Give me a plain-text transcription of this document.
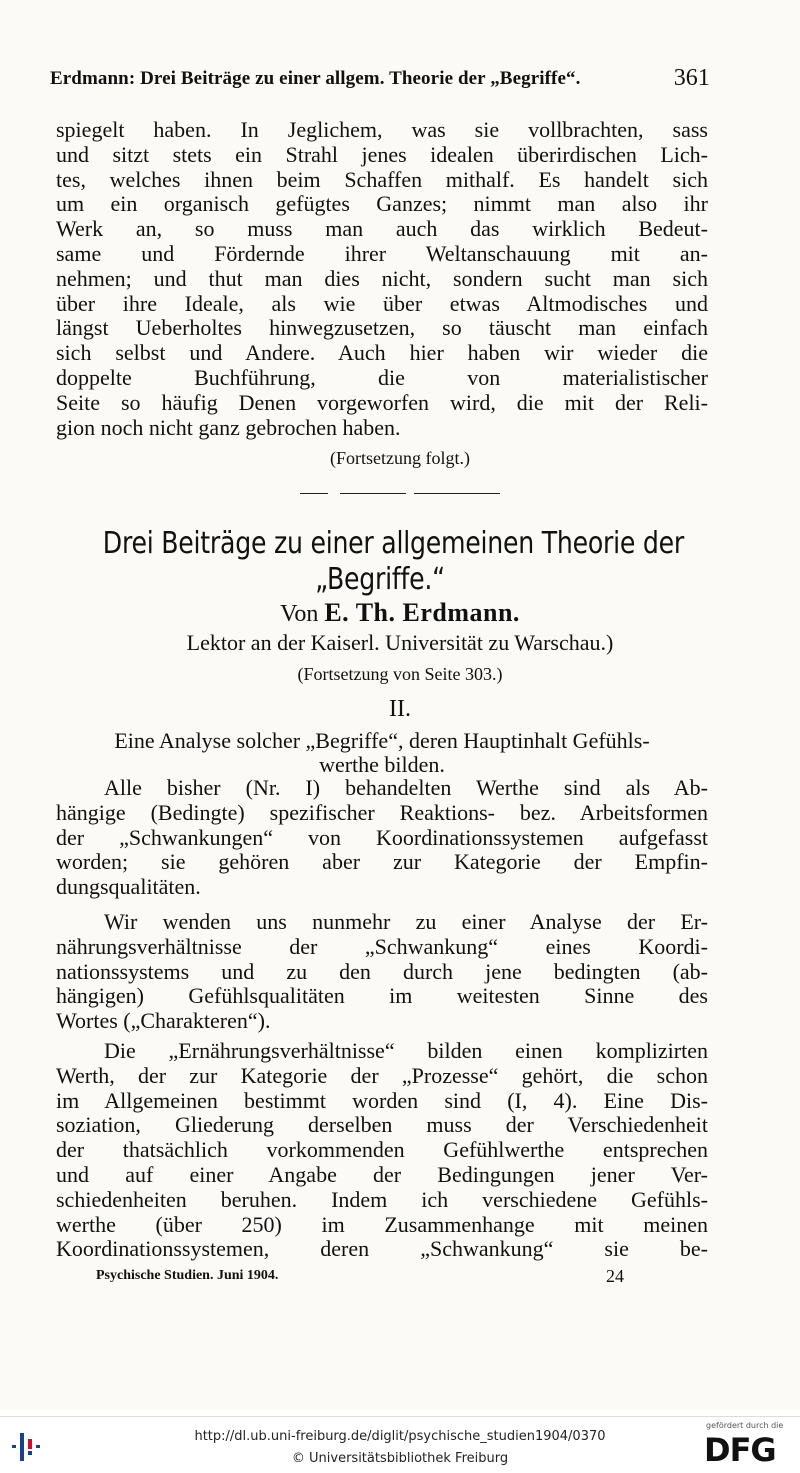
Erdmann: Drei Beiträge zu einer allgem. Theorie der „Begriffe“.	361
spiegelt haben. In Jeglichem, was sie vollbrachten, sass
und sitzt stets ein Strahl jenes idealen überirdischen Lich-
tes, welches ihnen beim Schaffen mithalf. Es handelt sich
um ein organisch gefügtes Ganzes; nimmt man also ihr
Werk an, so muss man auch das wirklich Bedeut-
same und Fördernde ihrer Weltanschauung mit an-
nehmen; und thut man dies nicht, sondern sucht man sich
über ihre Ideale, als wie über etwas Altmodisches und
längst Ueberholtes hinwegzusetzen, so täuscht man einfach
sich selbst und Andere. Auch hier haben wir wieder die
doppelte Buchführung, die von materialistischer
Seite so häufig Denen vorgeworfen wird, die mit der Reli-
gion noch nicht ganz gebrochen haben.
(Fortsetzung folgt.)
Drei Beiträge zu einer allgemeinen Theorie der
„Begriffe.“
Von E. Th. Erdmann.
Lektor an der Kaiserl. Universität zu Warschau.)
(Fortsetzung von Seite 303.)
II.
Eine Analyse solcher „Begriffe“, deren Hauptinhalt Gefühls-
werthe bilden.
Alle bisher (Nr. I) behandelten Werthe sind als Ab-
hängige (Bedingte) spezifischer Reaktions- bez. Arbeitsformen
der „Schwankungen“ von Koordinationssystemen aufgefasst
worden; sie gehören aber zur Kategorie der Empfin-
dungsqualitäten.
Wir wenden uns nunmehr zu einer Analyse der Er-
nährungsverhältnisse der „Schwankung“ eines Koordi-
nationssystems und zu den durch jene bedingten (ab-
hängigen) Gefühlsqualitäten im weitesten Sinne des
Wortes („Charakteren“).
Die „Ernährungsverhältnisse“ bilden einen komplizirten
Werth, der zur Kategorie der „Prozesse“ gehört, die schon
im Allgemeinen bestimmt worden sind (I, 4). Eine Dis-
soziation, Gliederung derselben muss der Verschiedenheit
der thatsächlich vorkommenden Gefühlwerthe entsprechen
und auf einer Angabe der Bedingungen jener Ver-
schiedenheiten beruhen. Indem ich verschiedene Gefühls-
werthe (über 250) im Zusammenhange mit meinen
Koordinationssystemen, deren „Schwankung“ sie be-
Psychische Studien. Juni 1904.	24
http://dl.ub.uni-freiburg.de/diglit/psychische_studien1904/0370
© Universitätsbibliothek Freiburg
gefördert durch die
DFG
